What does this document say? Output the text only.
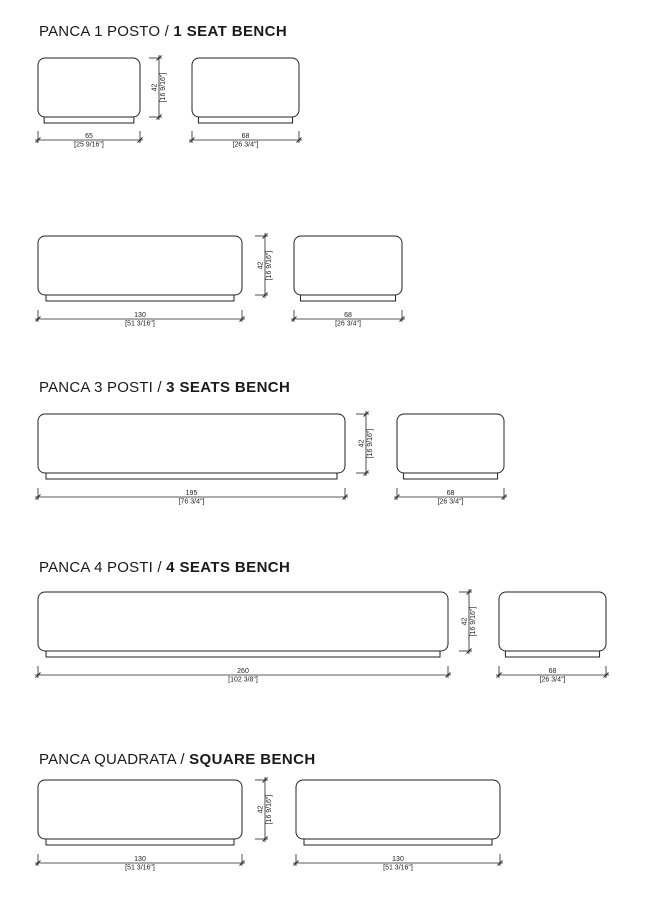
PANCA 1 POSTO / 1 SEAT BENCH
PANCA 3 POSTI / 3 SEATS BENCH
PANCA 4 POSTI / 4 SEATS BENCH
PANCA QUADRATA / SQUARE BENCH
42 [16 9/16"]
65
[25 9/16"]
68
[26 3/4"]
42 [16 9/16"]
130
[51 3/16"]
68
[26 3/4"]
42 [16 9/16"]
195
[76 3/4"]
68
[26 3/4"]
42 [16 9/16"]
260
[102 3/8"]
68
[26 3/4"]
42 [16 9/16"]
130
[51 3/16"]
130
[51 3/16"]
